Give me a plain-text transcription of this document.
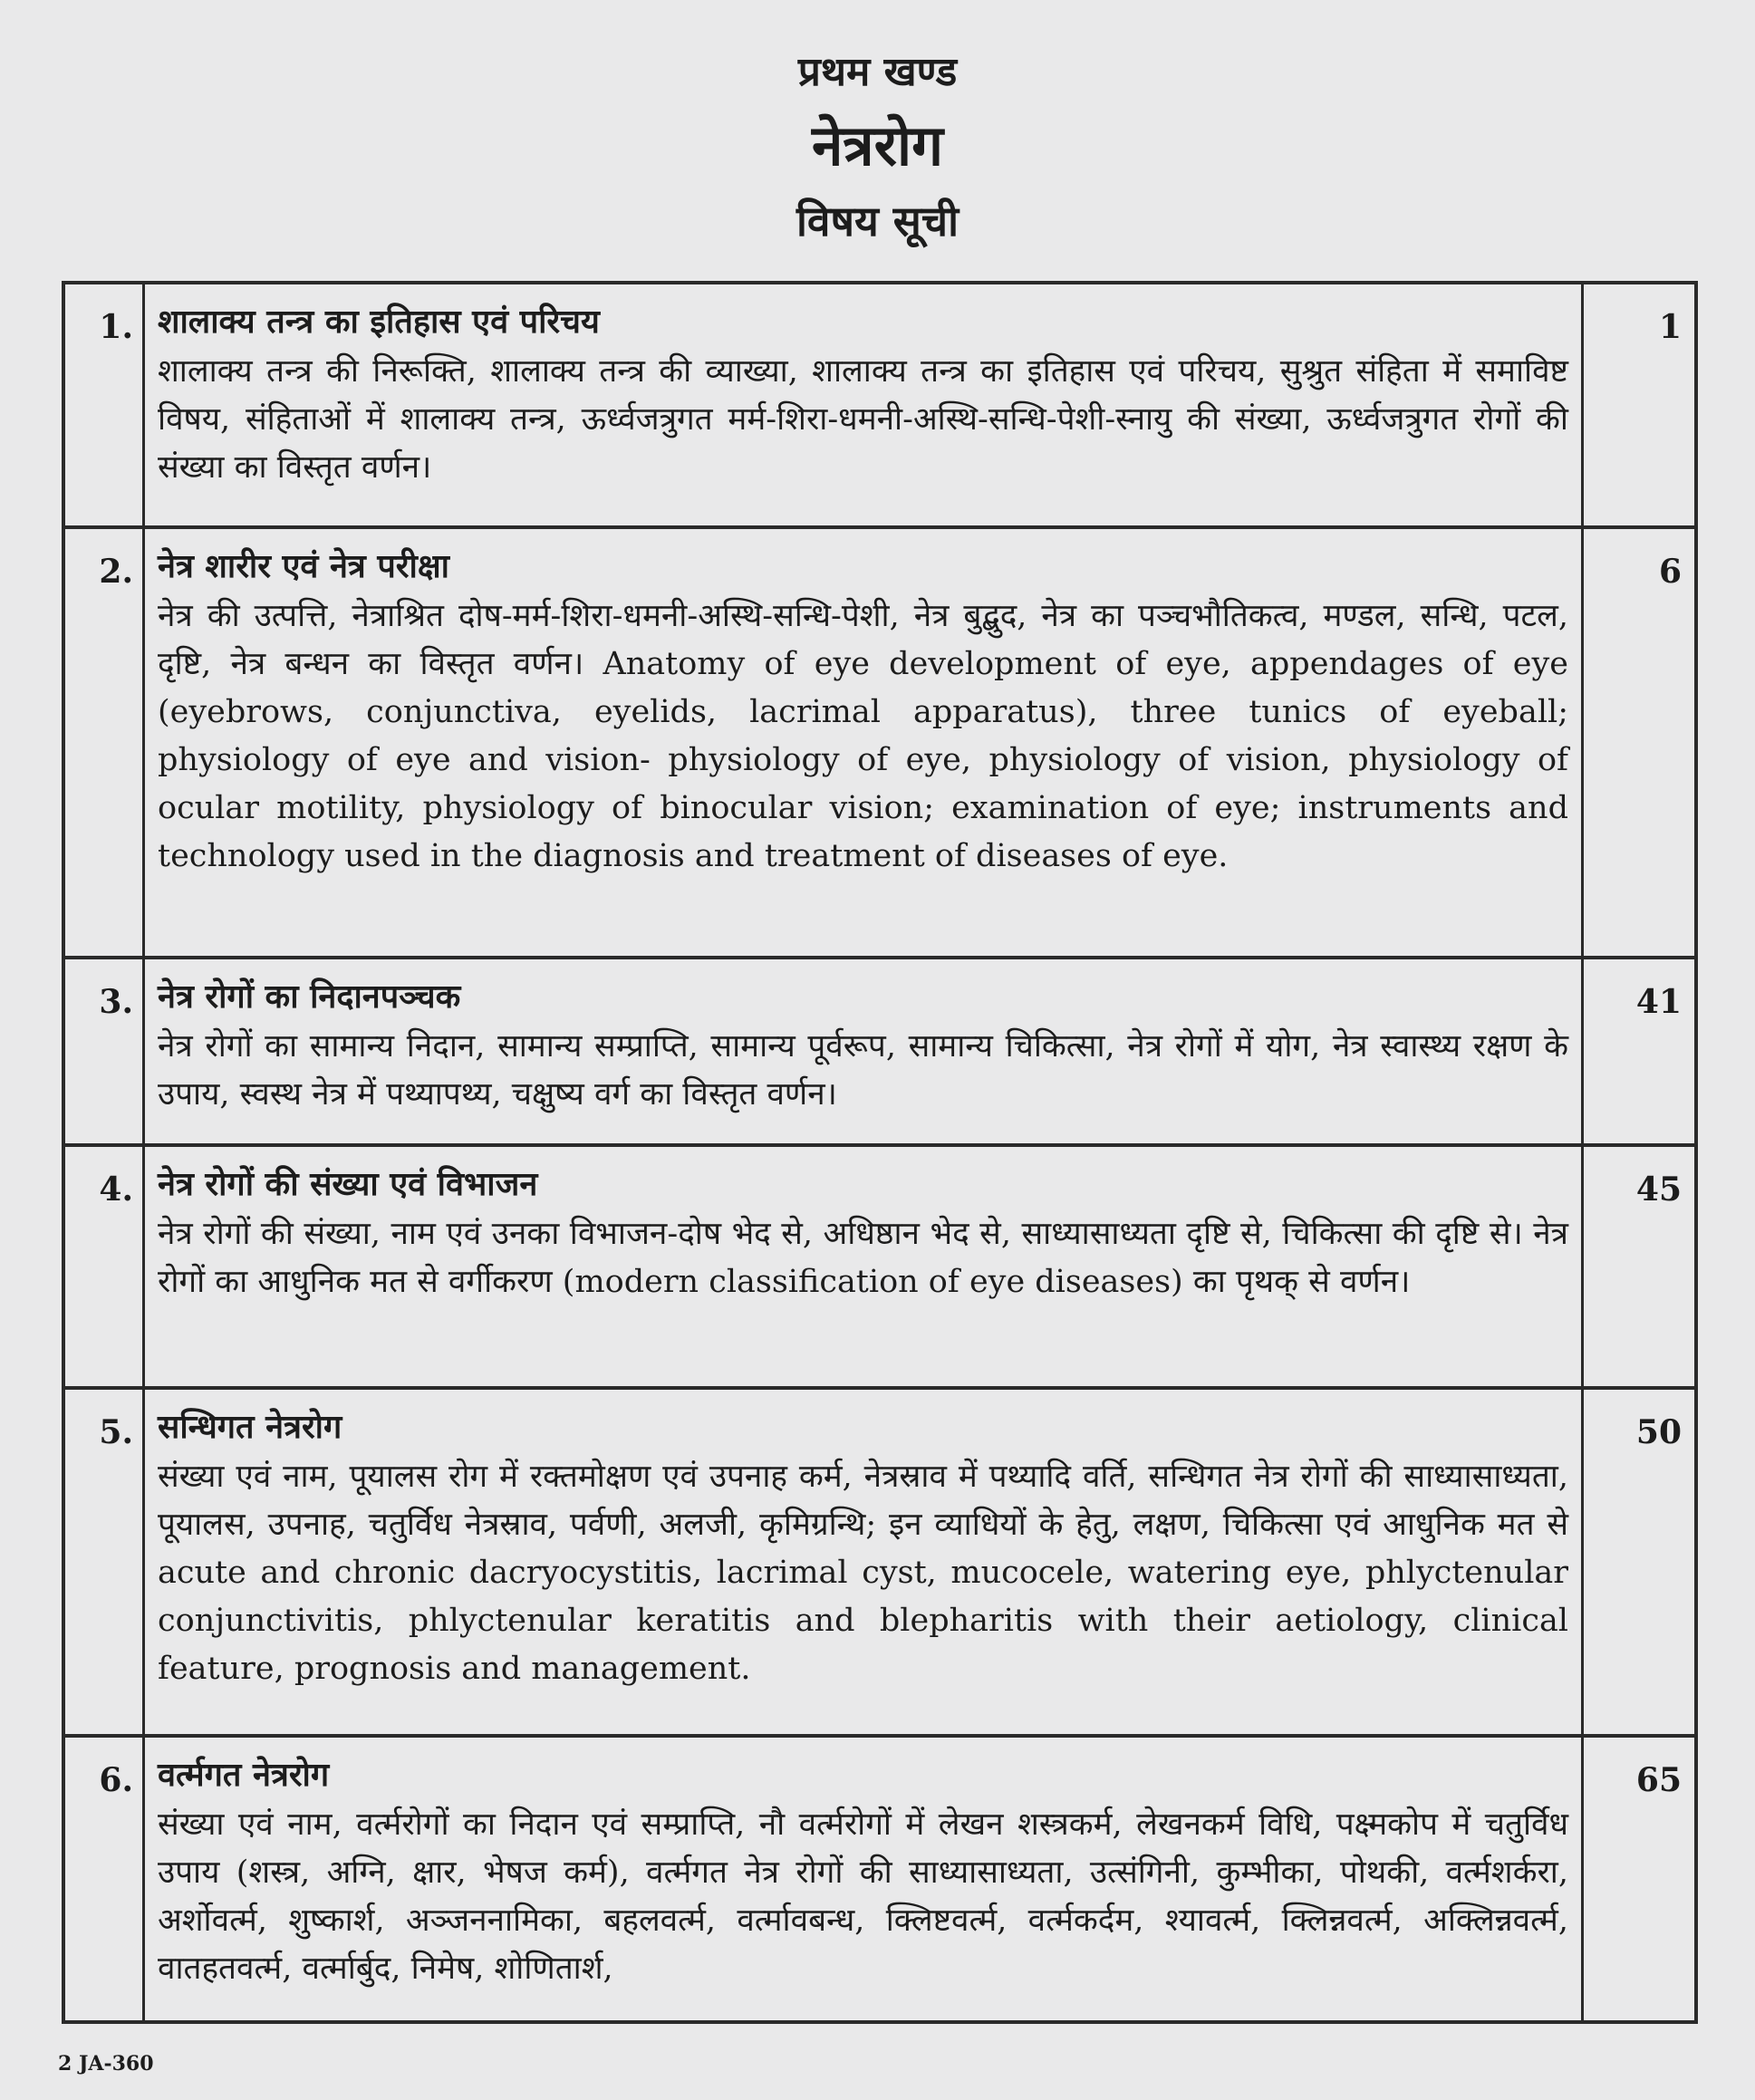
प्रथम खण्ड
नेत्ररोग
विषय सूची
1. शालाक्य तन्त्र का इतिहास एवं परिचय

शालाक्य तन्त्र की निरूक्ति, शालाक्य तन्त्र की व्याख्या, शालाक्य तन्त्र का इतिहास एवं परिचय, सुश्रुत संहिता में समाविष्ट विषय, संहिताओं में शालाक्य तन्त्र, ऊर्ध्वजत्रुगत मर्म-शिरा-धमनी-अस्थि-सन्धि-पेशी-स्नायु की संख्या, ऊर्ध्वजत्रुगत रोगों की संख्या का विस्तृत वर्णन।

1
2. नेत्र शारीर एवं नेत्र परीक्षा

नेत्र की उत्पत्ति, नेत्राश्रित दोष-मर्म-शिरा-धमनी-अस्थि-सन्धि-पेशी, नेत्र बुद्बुद, नेत्र का पञ्चभौतिकत्व, मण्डल, सन्धि, पटल, दृष्टि, नेत्र बन्धन का विस्तृत वर्णन। Anatomy of eye development of eye, appendages of eye (eyebrows, conjunctiva, eyelids, lacrimal apparatus), three tunics of eyeball; physiology of eye and vision- physiology of eye, physiology of vision, physiology of ocular motility, physiology of binocular vision; examination of eye; instruments and technology used in the diagnosis and treatment of diseases of eye.

6
3. नेत्र रोगों का निदानपञ्चक

नेत्र रोगों का सामान्य निदान, सामान्य सम्प्राप्ति, सामान्य पूर्वरूप, सामान्य चिकित्सा, नेत्र रोगों में योग, नेत्र स्वास्थ्य रक्षण के उपाय, स्वस्थ नेत्र में पथ्यापथ्य, चक्षुष्य वर्ग का विस्तृत वर्णन।

41
4. नेत्र रोगों की संख्या एवं विभाजन

नेत्र रोगों की संख्या, नाम एवं उनका विभाजन-दोष भेद से, अधिष्ठान भेद से, साध्यासाध्यता दृष्टि से, चिकित्सा की दृष्टि से। नेत्र रोगों का आधुनिक मत से वर्गीकरण (modern classification of eye diseases) का पृथक् से वर्णन।

45
5. सन्धिगत नेत्ररोग

संख्या एवं नाम, पूयालस रोग में रक्तमोक्षण एवं उपनाह कर्म, नेत्रस्राव में पथ्यादि वर्ति, सन्धिगत नेत्र रोगों की साध्यासाध्यता, पूयालस, उपनाह, चतुर्विध नेत्रस्राव, पर्वणी, अलजी, कृमिग्रन्थि; इन व्याधियों के हेतु, लक्षण, चिकित्सा एवं आधुनिक मत से acute and chronic dacryocystitis, lacrimal cyst, mucocele, watering eye, phlyctenular conjunctivitis, phlyctenular keratitis and blepharitis with their aetiology, clinical feature, prognosis and management.

50
6. वर्त्मगत नेत्ररोग

संख्या एवं नाम, वर्त्मरोगों का निदान एवं सम्प्राप्ति, नौ वर्त्मरोगों में लेखन शस्त्रकर्म, लेखनकर्म विधि, पक्ष्मकोप में चतुर्विध उपाय (शस्त्र, अग्नि, क्षार, भेषज कर्म), वर्त्मगत नेत्र रोगों की साध्यासाध्यता, उत्संगिनी, कुम्भीका, पोथकी, वर्त्मशर्करा, अर्शोवर्त्म, शुष्कार्श, अञ्जननामिका, बहलवर्त्म, वर्त्मावबन्ध, क्लिष्टवर्त्म, वर्त्मकर्दम, श्यावर्त्म, क्लिन्नवर्त्म, अक्लिन्नवर्त्म, वातहतवर्त्म, वर्त्मार्बुद, निमेष, शोणितार्श,

65
2 JA-360
